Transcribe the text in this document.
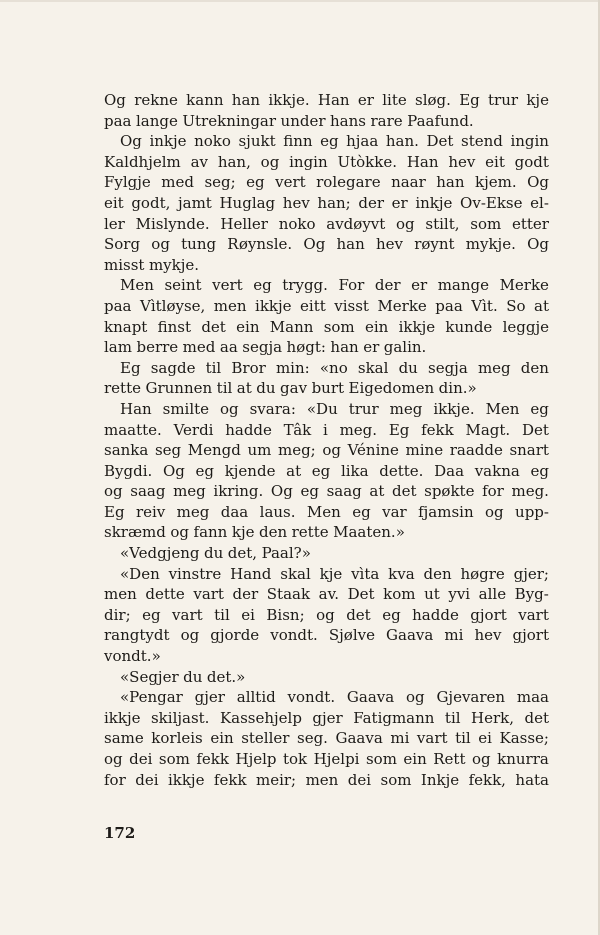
Og rekne kann han ikkje. Han er lite sløg. Eg trur kje
paa lange Utrekningar under hans rare Paafund.
Og inkje noko sjukt finn eg hjaa han. Det stend ingin
Kaldhjelm av han, og ingin Utòkke. Han hev eit godt
Fylgje med seg; eg vert rolegare naar han kjem. Og
eit godt, jamt Huglag hev han; der er inkje Ov-Ekse el-
ler Mislynde. Heller noko avdøyvt og stilt, som etter
Sorg og tung Røynsle. Og han hev røynt mykje. Og
misst mykje.
Men seint vert eg trygg. For der er mange Merke
paa Vìtløyse, men ikkje eitt visst Merke paa Vìt. So at
knapt finst det ein Mann som ein ikkje kunde leggje
lam berre med aa segja høgt: han er galin.
Eg sagde til Bror min: «no skal du segja meg den
rette Grunnen til at du gav burt Eigedomen din.»
Han smilte og svara: «Du trur meg ikkje. Men eg
maatte. Verdi hadde Tâk i meg. Eg fekk Magt. Det
sanka seg Mengd um meg; og Vénine mine raadde snart
Bygdi. Og eg kjende at eg lika dette. Daa vakna eg
og saag meg ikring. Og eg saag at det spøkte for meg.
Eg reiv meg daa laus. Men eg var fjamsin og upp-
skræmd og fann kje den rette Maaten.»
«Vedgjeng du det, Paal?»
«Den vinstre Hand skal kje vìta kva den høgre gjer;
men dette vart der Staak av. Det kom ut yvi alle Byg-
dir; eg vart til ei Bisn; og det eg hadde gjort vart
rangtydt og gjorde vondt. Sjølve Gaava mi hev gjort
vondt.»
«Segjer du det.»
«Pengar gjer alltid vondt. Gaava og Gjevaren maa
ikkje skiljast. Kassehjelp gjer Fatigmann til Herk, det
same korleis ein steller seg. Gaava mi vart til ei Kasse;
og dei som fekk Hjelp tok Hjelpi som ein Rett og knurra
for dei ikkje fekk meir; men dei som Inkje fekk, hata
172
